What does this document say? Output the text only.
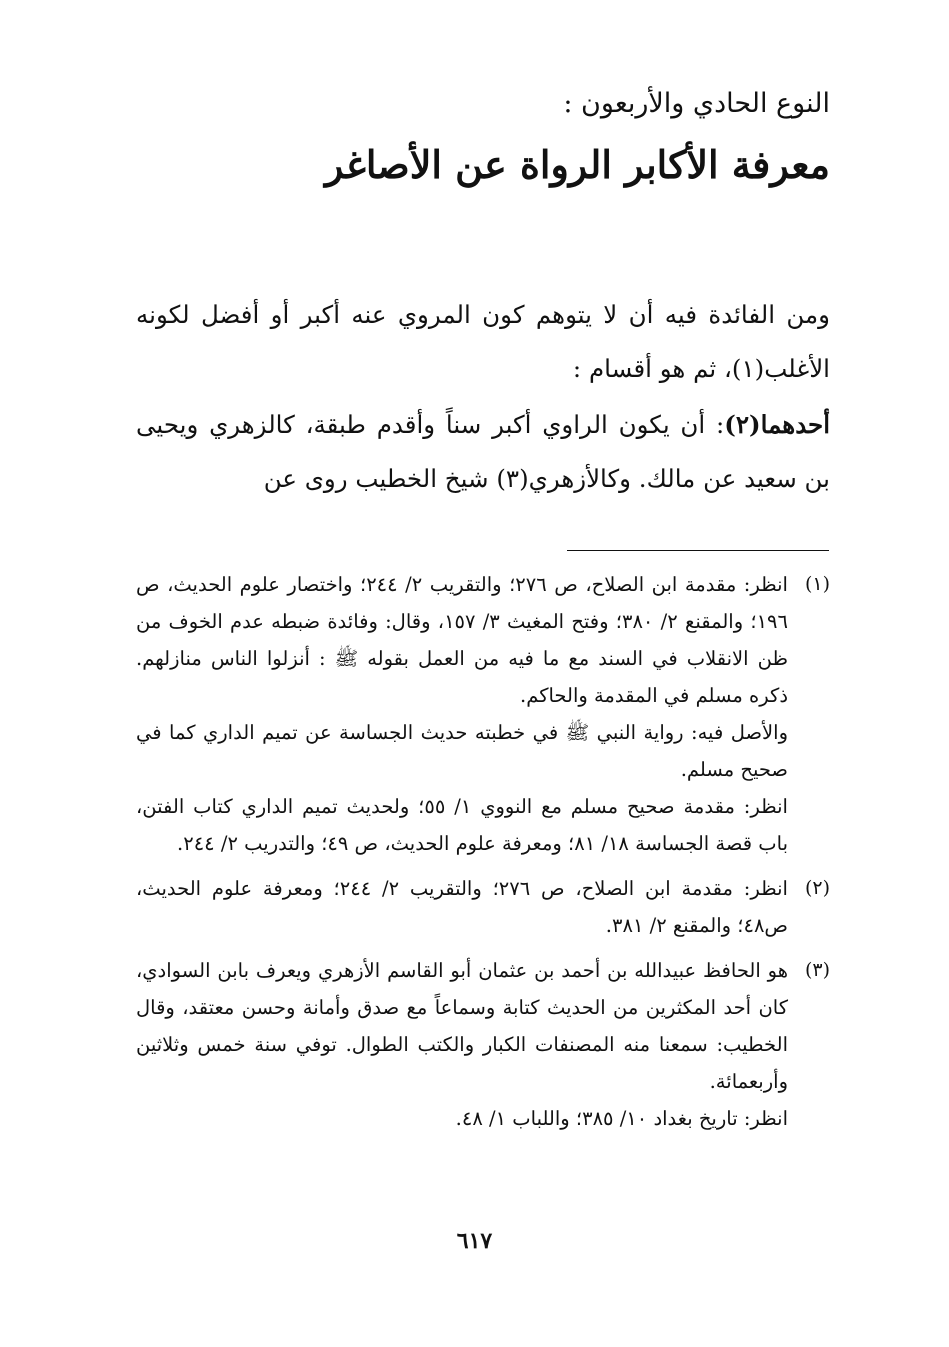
النوع الحادي والأربعون :
معرفة الأكابر الرواة عن الأصاغر
ومن الفائدة فيه أن لا يتوهم كون المروي عنه أكبر أو أفضل لكونه الأغلب(١)، ثم هو أقسام :
أحدهما(٢): أن يكون الراوي أكبر سناً وأقدم طبقة، كالزهري ويحيى بن سعيد عن مالك. وكالأزهري(٣) شيخ الخطيب روى عن
(١)
انظر: مقدمة ابن الصلاح، ص ٢٧٦؛ والتقريب ٢/ ٢٤٤؛ واختصار علوم الحديث، ص ١٩٦؛ والمقنع ٢/ ٣٨٠؛ وفتح المغيث ٣/ ١٥٧، وقال: وفائدة ضبطه عدم الخوف من ظن الانقلاب في السند مع ما فيه من العمل بقوله ﷺ : أنزلوا الناس منازلهم. ذكره مسلم في المقدمة والحاكم.
والأصل فيه: رواية النبي ﷺ في خطبته حديث الجساسة عن تميم الداري كما في صحيح مسلم.
انظر: مقدمة صحيح مسلم مع النووي ١/ ٥٥؛ ولحديث تميم الداري كتاب الفتن، باب قصة الجساسة ١٨/ ٨١؛ ومعرفة علوم الحديث، ص ٤٩؛ والتدريب ٢/ ٢٤٤.
(٢)
انظر: مقدمة ابن الصلاح، ص ٢٧٦؛ والتقريب ٢/ ٢٤٤؛ ومعرفة علوم الحديث، ص٤٨؛ والمقنع ٢/ ٣٨١.
(٣)
هو الحافظ عبيدالله بن أحمد بن عثمان أبو القاسم الأزهري ويعرف بابن السوادي، كان أحد المكثرين من الحديث كتابة وسماعاً مع صدق وأمانة وحسن معتقد، وقال الخطيب: سمعنا منه المصنفات الكبار والكتب الطوال. توفي سنة خمس وثلاثين وأربعمائة.
انظر: تاريخ بغداد ١٠/ ٣٨٥؛ واللباب ١/ ٤٨.
٦١٧
